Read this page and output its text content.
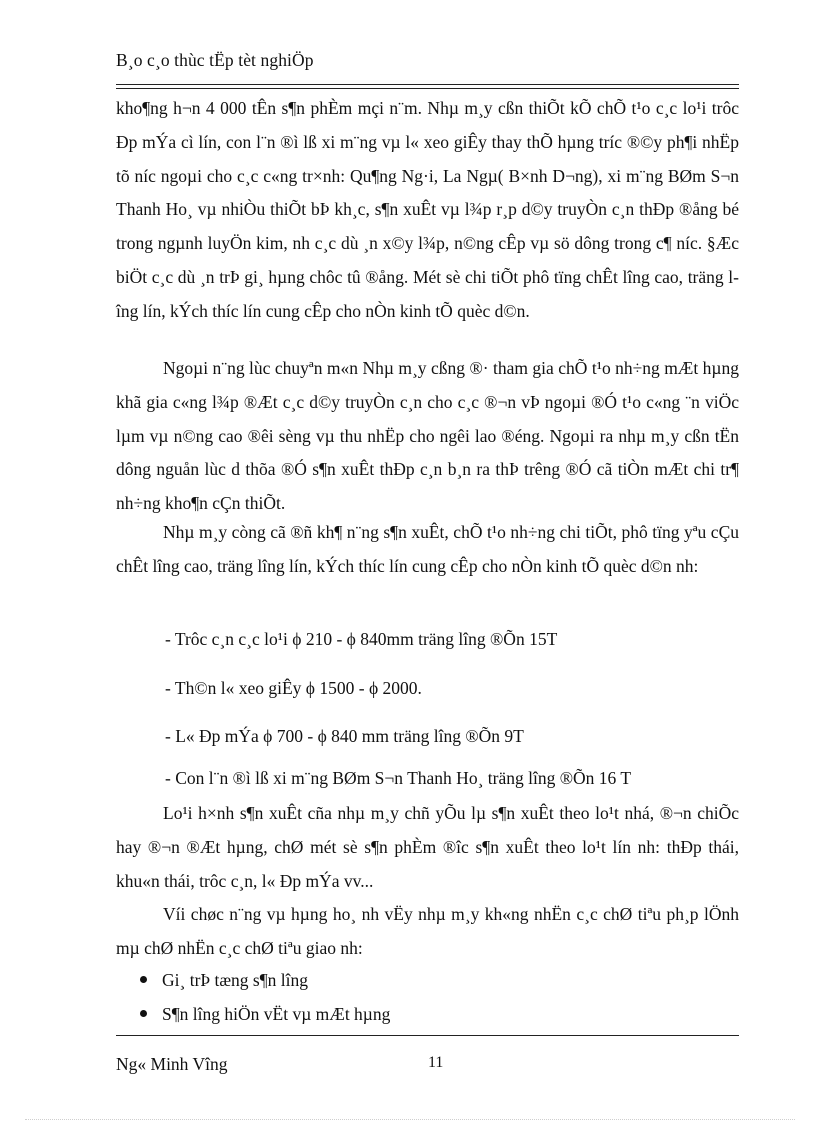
B¸o c¸o thùc tËp tèt nghiÖp

kho¶ng h¬n 4 000 tÊn s¶n phÈm mçi n¨m. Nhµ m¸y cßn thiÕt kÕ chÕ t¹o c¸c lo¹i trôc Ðp mÝa cì lín, con l¨n ®ì lß xi m¨ng vµ l« xeo giÊy thay thÕ hµng tríc ®©y ph¶i nhËp tõ níc ngoµi cho c¸c c«ng tr×nh: Qu¶ng Ng·i, La Ngµ( B×nh D¬ng), xi m¨ng BØm S¬n Thanh Ho¸ vµ nhiÒu thiÕt bÞ kh¸c, s¶n xuÊt vµ l¾p r¸p d©y truyÒn c¸n thÐp ®ång bé trong ngµnh luyÖn kim, nh c¸c dù ¸n x©y l¾p, n©ng cÊp vµ sö dông trong c¶ níc. §Æc biÖt c¸c dù ¸n trÞ gi¸ hµng chôc tû ®ång. Mét sè chi tiÕt phô tïng chÊt lîng cao, träng lîng lín, kÝch thíc lín cung cÊp cho nÒn kinh tÕ quèc d©n.

Ngoµi n¨ng lùc chuyªn m«n Nhµ m¸y cßng ®· tham gia chÕ t¹o nh÷ng mÆt hµng khã gia c«ng l¾p ®Æt c¸c d©y truyÒn c¸n cho c¸c ®¬n vÞ ngoµi ®Ó t¹o c«ng ¨n viÖc lµm vµ n©ng cao ®êi sèng vµ thu nhËp cho ngêi lao ®éng. Ngoµi ra nhµ m¸y cßn tËn dông nguån lùc d thõa ®Ó s¶n xuÊt thÐp c¸n b¸n ra thÞ trêng ®Ó cã tiÒn mÆt chi tr¶ nh÷ng kho¶n cÇn thiÕt.

Nhµ m¸y còng cã ®ñ kh¶ n¨ng s¶n xuÊt, chÕ t¹o nh÷ng chi tiÕt, phô tïng yªu cÇu chÊt lîng cao, träng lîng lín, kÝch thíc lín cung cÊp cho nÒn kinh tÕ quèc d©n nh:

- Trôc c¸n c¸c lo¹i ϕ 210 - ϕ 840mm träng lîng ®Õn 15T
- Th©n l« xeo giÊy ϕ 1500 - ϕ 2000.
- L« Ðp mÝa ϕ 700 - ϕ 840 mm träng lîng ®Õn 9T
- Con l¨n ®ì lß xi m¨ng BØm S¬n Thanh Ho¸ träng lîng ®Õn 16 T

Lo¹i h×nh s¶n xuÊt cña nhµ m¸y chñ yÕu lµ s¶n xuÊt theo lo¹t nhá, ®¬n chiÕc hay ®¬n ®Æt hµng, chØ mét sè s¶n phÈm ®îc s¶n xuÊt theo lo¹t lín nh: thÐp thái, khu«n thái, trôc c¸n, l« Ðp mÝa vv...

Víi chøc n¨ng vµ hµng ho¸ nh vËy nhµ m¸y kh«ng nhËn c¸c chØ tiªu ph¸p lÖnh mµ chØ nhËn c¸c chØ tiªu giao nh:

Gi¸ trÞ tæng s¶n lîng
S¶n lîng hiÖn vËt vµ mÆt hµng
Ng« Minh Vîng	11
